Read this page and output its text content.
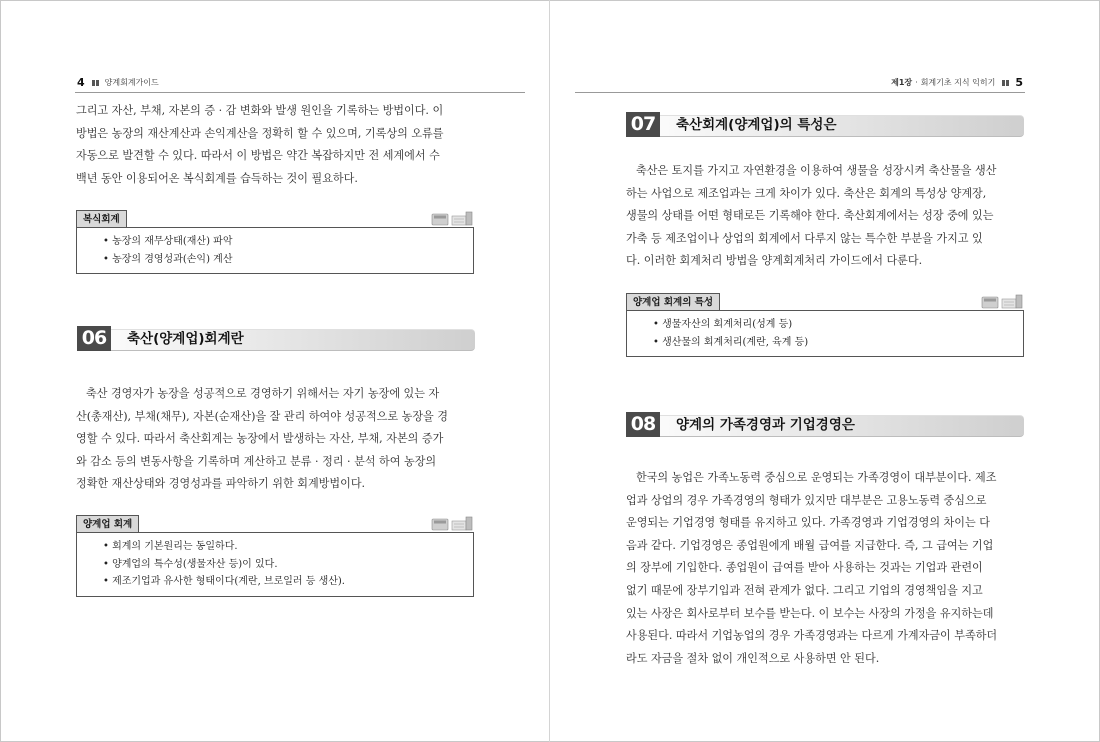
4	양계회계가이드	제1장 · 회계기초 지식 익히기 5
그리고 자산, 부채, 자본의 증 · 감 변화와 발생 원인을 기록하는 방법이다. 이
방법은 농장의 재산계산과 손익계산을 정확히 할 수 있으며, 기록상의 오류를
자동으로 발견할 수 있다. 따라서 이 방법은 약간 복잡하지만 전 세계에서 수
백년 동안 이용되어온 복식회계를 습득하는 것이 필요하다.
복식회계
• 농장의 재무상태(재산) 파악
• 농장의 경영성과(손익) 계산
06	축산(양계업)회계란
축산 경영자가 농장을 성공적으로 경영하기 위해서는 자기 농장에 있는 자
산(총재산), 부채(채무), 자본(순재산)을 잘 관리 하여야 성공적으로 농장을 경
영할 수 있다. 따라서 축산회계는 농장에서 발생하는 자산, 부채, 자본의 증가
와 감소 등의 변동사항을 기록하며 계산하고 분류 · 정리 · 분석 하여 농장의
정확한 재산상태와 경영성과를 파악하기 위한 회계방법이다.
양계업 회계
• 회계의 기본원리는 동일하다.
• 양계업의 특수성(생물자산 등)이 있다.
• 제조기업과 유사한 형태이다(계란, 브로일러 등 생산).
07	축산회계(양계업)의 특성은
축산은 토지를 가지고 자연환경을 이용하여 생물을 성장시켜 축산물을 생산
하는 사업으로 제조업과는 크게 차이가 있다. 축산은 회계의 특성상 양계장,
생물의 상태를 어떤 형태로든 기록해야 한다. 축산회계에서는 성장 중에 있는
가축 등 제조업이나 상업의 회계에서 다루지 않는 특수한 부분을 가지고 있
다. 이러한 회계처리 방법을 양계회계처리 가이드에서 다룬다.
양계업 회계의 특성
• 생물자산의 회계처리(성계 등)
• 생산물의 회계처리(계란, 육계 등)
08	양계의 가족경영과 기업경영은
한국의 농업은 가족노동력 중심으로 운영되는 가족경영이 대부분이다. 제조
업과 상업의 경우 가족경영의 형태가 있지만 대부분은 고용노동력 중심으로
운영되는 기업경영 형태를 유지하고 있다. 가족경영과 기업경영의 차이는 다
음과 같다. 기업경영은 종업원에게 배월 급여를 지급한다. 즉, 그 급여는 기업
의 장부에 기입한다. 종업원이 급여를 받아 사용하는 것과는 기업과 관련이
없기 때문에 장부기입과 전혀 관계가 없다. 그리고 기업의 경영책임을 지고
있는 사장은 회사로부터 보수를 받는다. 이 보수는 사장의 가정을 유지하는데
사용된다. 따라서 기업농업의 경우 가족경영과는 다르게 가계자금이 부족하더
라도 자금을 절차 없이 개인적으로 사용하면 안 된다.
